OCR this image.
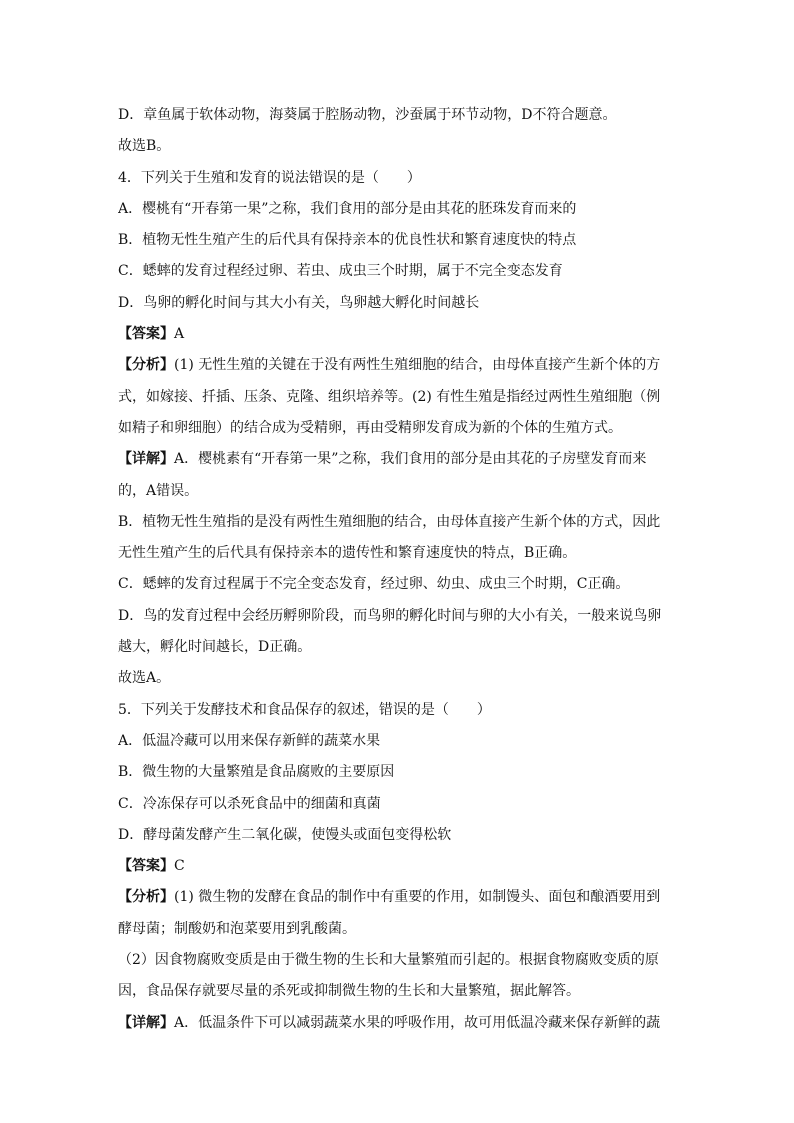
D．章鱼属于软体动物，海葵属于腔肠动物，沙蚕属于环节动物，D不符合题意。
故选B。
4．下列关于生殖和发育的说法错误的是（　　）
A．樱桃有“开春第一果”之称，我们食用的部分是由其花的胚珠发育而来的
B．植物无性生殖产生的后代具有保持亲本的优良性状和繁育速度快的特点
C．蟋蟀的发育过程经过卵、若虫、成虫三个时期，属于不完全变态发育
D．鸟卵的孵化时间与其大小有关，鸟卵越大孵化时间越长
【答案】A
【分析】(1) 无性生殖的关键在于没有两性生殖细胞的结合，由母体直接产生新个体的方
式，如嫁接、扦插、压条、克隆、组织培养等。(2) 有性生殖是指经过两性生殖细胞（例
如精子和卵细胞）的结合成为受精卵，再由受精卵发育成为新的个体的生殖方式。
【详解】A．樱桃素有“开春第一果”之称，我们食用的部分是由其花的子房壁发育而来
的，A错误。
B．植物无性生殖指的是没有两性生殖细胞的结合，由母体直接产生新个体的方式，因此
无性生殖产生的后代具有保持亲本的遗传性和繁育速度快的特点，B正确。
C．蟋蟀的发育过程属于不完全变态发育，经过卵、幼虫、成虫三个时期，C正确。
D．鸟的发育过程中会经历孵卵阶段，而鸟卵的孵化时间与卵的大小有关，一般来说鸟卵
越大，孵化时间越长，D正确。
故选A。
5．下列关于发酵技术和食品保存的叙述，错误的是（　　）
A．低温冷藏可以用来保存新鲜的蔬菜水果
B．微生物的大量繁殖是食品腐败的主要原因
C．冷冻保存可以杀死食品中的细菌和真菌
D．酵母菌发酵产生二氧化碳，使馒头或面包变得松软
【答案】C
【分析】(1) 微生物的发酵在食品的制作中有重要的作用，如制馒头、面包和酿酒要用到
酵母菌；制酸奶和泡菜要用到乳酸菌。
（2）因食物腐败变质是由于微生物的生长和大量繁殖而引起的。根据食物腐败变质的原
因，食品保存就要尽量的杀死或抑制微生物的生长和大量繁殖，据此解答。
【详解】A．低温条件下可以减弱蔬菜水果的呼吸作用，故可用低温冷藏来保存新鲜的蔬
